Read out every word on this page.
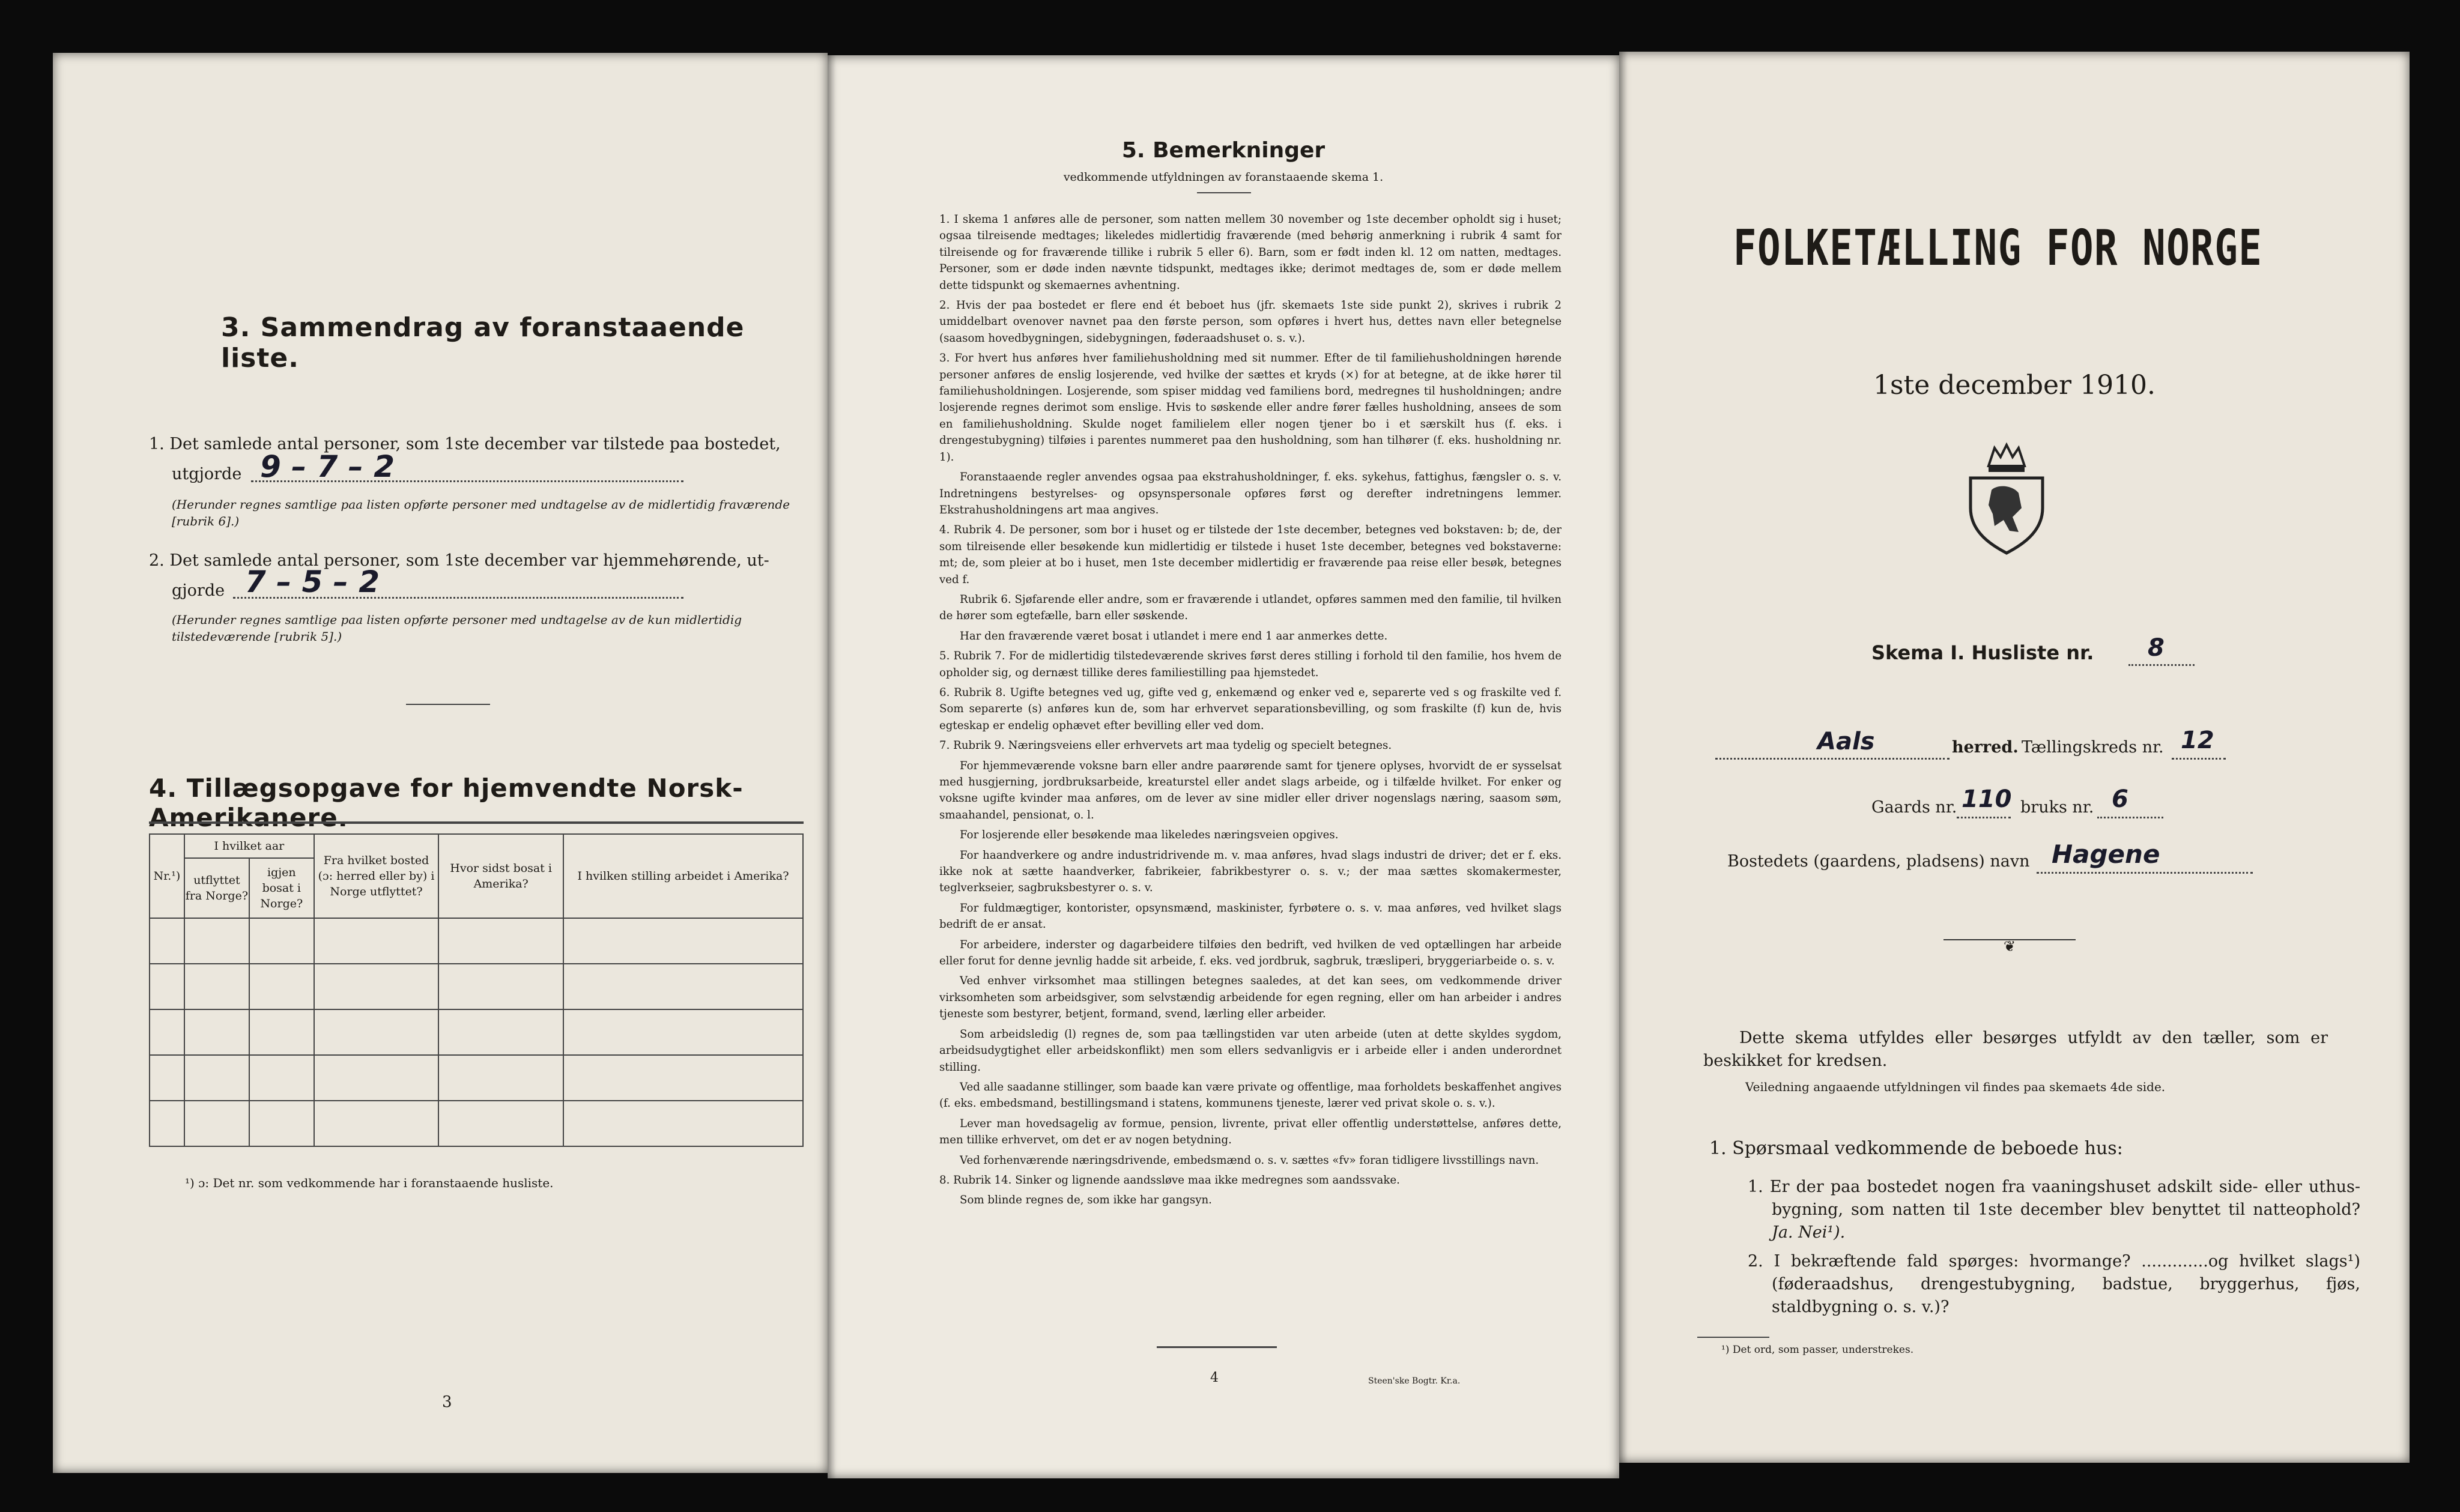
3. Sammendrag av foranstaaende liste.
1. Det samlede antal personer, som 1ste december var tilstede paa bostedet,
utgjorde 9 – 7 – 2
(Herunder regnes samtlige paa listen opførte personer med undtagelse av de midlertidig fraværende [rubrik 6].)
2. Det samlede antal personer, som 1ste december var hjemmehørende, ut-
gjorde 7 – 5 – 2
(Herunder regnes samtlige paa listen opførte personer med undtagelse av de kun midlertidig tilstedeværende [rubrik 5].)
4. Tillægsopgave for hjemvendte Norsk-Amerikanere.
Nr.¹)	I hvilket aar		Fra hvilket bosted (ɔ: herred eller by) i Norge utflyttet?	Hvor sidst bosat i Amerika?	I hvilken stilling arbeidet i Amerika?
	utflyttet fra Norge?	igjen bosat i Norge?			

¹) ɔ: Det nr. som vedkommende har i foranstaaende husliste.
3
5. Bemerkninger
vedkommende utfyldningen av foranstaaende skema 1.

1. I skema 1 anføres alle de personer, som natten mellem 30 november og 1ste december opholdt sig i huset; ogsaa tilreisende medtages; likeledes midlertidig fraværende (med behørig anmerkning i rubrik 4 samt for tilreisende og for fraværende tillike i rubrik 5 eller 6). Barn, som er født inden kl. 12 om natten, medtages. Personer, som er døde inden nævnte tidspunkt, medtages ikke; derimot medtages de, som er døde mellem dette tidspunkt og skemaernes avhentning.

2. Hvis der paa bostedet er flere end ét beboet hus (jfr. skemaets 1ste side punkt 2), skrives i rubrik 2 umiddelbart ovenover navnet paa den første person, som opføres i hvert hus, dettes navn eller betegnelse (saasom hovedbygningen, sidebygningen, føderaadshuset o. s. v.).

3. For hvert hus anføres hver familiehusholdning med sit nummer. Efter de til familiehusholdningen hørende personer anføres de enslig losjerende, ved hvilke der sættes et kryds (×) for at betegne, at de ikke hører til familiehusholdningen. Losjerende, som spiser middag ved familiens bord, medregnes til husholdningen; andre losjerende regnes derimot som enslige. Hvis to søskende eller andre fører fælles husholdning, ansees de som en familiehusholdning. Skulde noget familielem eller nogen tjener bo i et særskilt hus (f. eks. i drengestubygning) tilføies i parentes nummeret paa den husholdning, som han tilhører (f. eks. husholdning nr. 1).

Foranstaaende regler anvendes ogsaa paa ekstrahusholdninger, f. eks. sykehus, fattighus, fængsler o. s. v. Indretningens bestyrelses- og opsynspersonale opføres først og derefter indretningens lemmer. Ekstrahusholdningens art maa angives.

4. Rubrik 4. De personer, som bor i huset og er tilstede der 1ste december, betegnes ved bokstaven: b; de, der som tilreisende eller besøkende kun midlertidig er tilstede i huset 1ste december, betegnes ved bokstaverne: mt; de, som pleier at bo i huset, men 1ste december midlertidig er fraværende paa reise eller besøk, betegnes ved f.

Rubrik 6. Sjøfarende eller andre, som er fraværende i utlandet, opføres sammen med den familie, til hvilken de hører som egtefælle, barn eller søskende.

Har den fraværende været bosat i utlandet i mere end 1 aar anmerkes dette.

5. Rubrik 7. For de midlertidig tilstedeværende skrives først deres stilling i forhold til den familie, hos hvem de opholder sig, og dernæst tillike deres familiestilling paa hjemstedet.

6. Rubrik 8. Ugifte betegnes ved ug, gifte ved g, enkemænd og enker ved e, separerte ved s og fraskilte ved f. Som separerte (s) anføres kun de, som har erhvervet separationsbevilling, og som fraskilte (f) kun de, hvis egteskap er endelig ophævet efter bevilling eller ved dom.

7. Rubrik 9. Næringsveiens eller erhvervets art maa tydelig og specielt betegnes.

For hjemmeværende voksne barn eller andre paarørende samt for tjenere oplyses, hvorvidt de er sysselsat med husgjerning, jordbruksarbeide, kreaturstel eller andet slags arbeide, og i tilfælde hvilket. For enker og voksne ugifte kvinder maa anføres, om de lever av sine midler eller driver nogenslags næring, saasom søm, smaahandel, pensionat, o. l.

For losjerende eller besøkende maa likeledes næringsveien opgives.

For haandverkere og andre industridrivende m. v. maa anføres, hvad slags industri de driver; det er f. eks. ikke nok at sætte haandverker, fabrikeier, fabrikbestyrer o. s. v.; der maa sættes skomakermester, teglverkseier, sagbruksbestyrer o. s. v.

For fuldmægtiger, kontorister, opsynsmænd, maskinister, fyrbøtere o. s. v. maa anføres, ved hvilket slags bedrift de er ansat.

For arbeidere, inderster og dagarbeidere tilføies den bedrift, ved hvilken de ved optællingen har arbeide eller forut for denne jevnlig hadde sit arbeide, f. eks. ved jordbruk, sagbruk, træsliperi, bryggeriarbeide o. s. v.

Ved enhver virksomhet maa stillingen betegnes saaledes, at det kan sees, om vedkommende driver virksomheten som arbeidsgiver, som selvstændig arbeidende for egen regning, eller om han arbeider i andres tjeneste som bestyrer, betjent, formand, svend, lærling eller arbeider.

Som arbeidsledig (l) regnes de, som paa tællingstiden var uten arbeide (uten at dette skyldes sygdom, arbeidsudygtighet eller arbeidskonflikt) men som ellers sedvanligvis er i arbeide eller i anden underordnet stilling.

Ved alle saadanne stillinger, som baade kan være private og offentlige, maa forholdets beskaffenhet angives (f. eks. embedsmand, bestillingsmand i statens, kommunens tjeneste, lærer ved privat skole o. s. v.).

Lever man hovedsagelig av formue, pension, livrente, privat eller offentlig understøttelse, anføres dette, men tillike erhvervet, om det er av nogen betydning.

Ved forhenværende næringsdrivende, embedsmænd o. s. v. sættes «fv» foran tidligere livsstillings navn.

8. Rubrik 14. Sinker og lignende aandssløve maa ikke medregnes som aandssvake.

Som blinde regnes de, som ikke har gangsyn.

4	Steen'ske Bogtr. Kr.a.
FOLKETÆLLING FOR NORGE
1ste december 1910.
Skema I. Husliste nr. 8
Aals	herred. Tællingskreds nr. 12
Gaards nr. 110 bruks nr. 6
Bostedets (gaardens, pladsens) navn Hagene
❦
Dette skema utfyldes eller besørges utfyldt av den tæller, som er beskikket for kredsen.
Veiledning angaaende utfyldningen vil findes paa skemaets 4de side.
1. Spørsmaal vedkommende de beboede hus:
1. Er der paa bostedet nogen fra vaaningshuset adskilt side- eller uthus-bygning, som natten til 1ste december blev benyttet til natteophold? Ja. Nei¹).
2. I bekræftende fald spørges: hvormange? .............og hvilket slags¹) (føderaadshus, drengestubygning, badstue, bryggerhus, fjøs, staldbygning o. s. v.)?
¹) Det ord, som passer, understrekes.
